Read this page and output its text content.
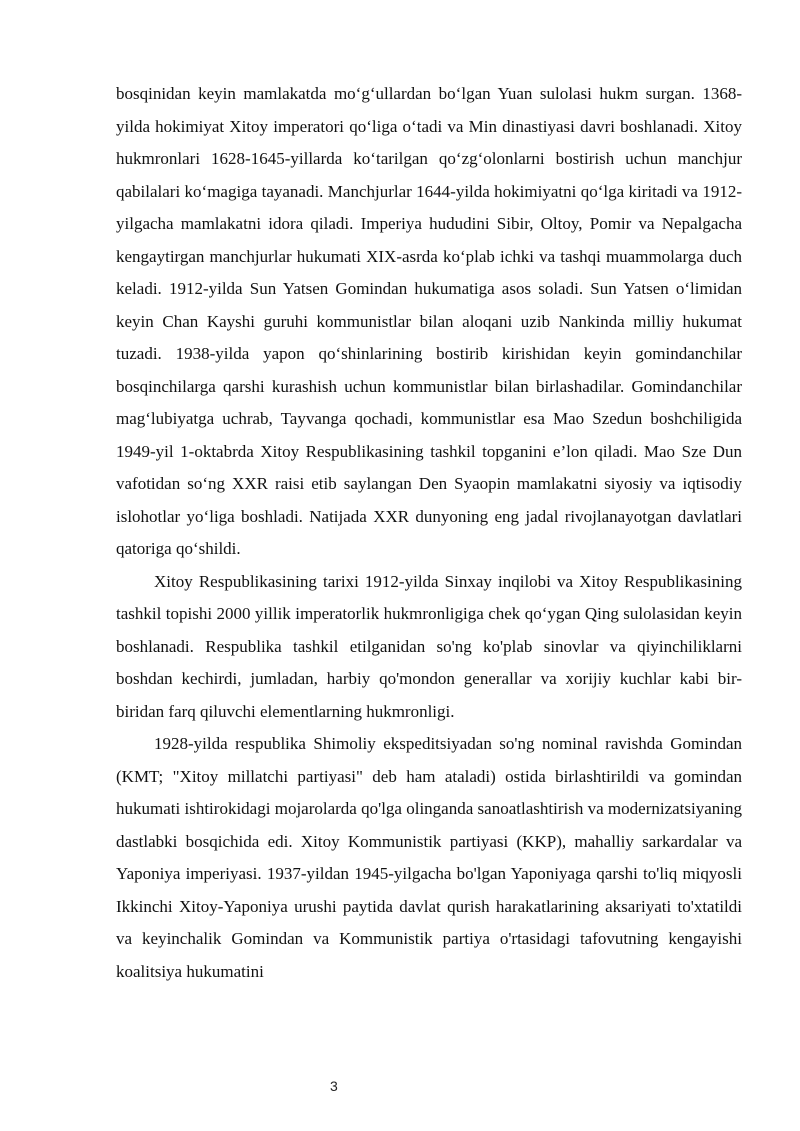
bosqinidan keyin mamlakatda mo‘g‘ullardan bo‘lgan Yuan sulolasi hukm surgan. 1368-yilda hokimiyat Xitoy imperatori qo‘liga o‘tadi va Min dinastiyasi davri boshlanadi. Xitoy hukmronlari 1628-1645-yillarda ko‘tarilgan qo‘zg‘olonlarni bostirish uchun manchjur qabilalari ko‘magiga tayanadi. Manchjurlar 1644-yilda hokimiyatni qo‘lga kiritadi va 1912-yilgacha mamlakatni idora qiladi. Imperiya hududini Sibir, Oltoy, Pomir va Nepalgacha kengaytirgan manchjurlar hukumati XIX-asrda ko‘plab ichki va tashqi muammolarga duch keladi. 1912-yilda Sun Yatsen Gomindan hukumatiga asos soladi. Sun Yatsen o‘limidan keyin Chan Kayshi guruhi kommunistlar bilan aloqani uzib Nankinda milliy hukumat tuzadi. 1938-yilda yapon qo‘shinlarining bostirib kirishidan keyin gomindanchilar bosqinchilarga qarshi kurashish uchun kommunistlar bilan birlashadilar. Gomindanchilar mag‘lubiyatga uchrab, Tayvanga qochadi, kommunistlar esa Mao Szedun boshchiligida 1949-yil 1-oktabrda Xitoy Respublikasining tashkil topganini e’lon qiladi. Mao Sze Dun vafotidan so‘ng XXR raisi etib saylangan Den Syaopin mamlakatni siyosiy va iqtisodiy islohotlar yo‘liga boshladi. Natijada XXR dunyoning eng jadal rivojlanayotgan davlatlari qatoriga qo‘shildi.

Xitoy Respublikasining tarixi 1912-yilda Sinxay inqilobi va Xitoy Respublikasining tashkil topishi 2000 yillik imperatorlik hukmronligiga chek qo‘ygan Qing sulolasidan keyin boshlanadi. Respublika tashkil etilganidan so'ng ko'plab sinovlar va qiyinchiliklarni boshdan kechirdi, jumladan, harbiy qo'mondon generallar va xorijiy kuchlar kabi bir-biridan farq qiluvchi elementlarning hukmronligi.

1928-yilda respublika Shimoliy ekspeditsiyadan so'ng nominal ravishda Gomindan (KMT; "Xitoy millatchi partiyasi" deb ham ataladi) ostida birlashtirildi va gomindan hukumati ishtirokidagi mojarolarda qo'lga olinganda sanoatlashtirish va modernizatsiyaning dastlabki bosqichida edi. Xitoy Kommunistik partiyasi (KKP), mahalliy sarkardalar va Yaponiya imperiyasi. 1937-yildan 1945-yilgacha bo'lgan Yaponiyaga qarshi to'liq miqyosli Ikkinchi Xitoy-Yaponiya urushi paytida davlat qurish harakatlarining aksariyati to'xtatildi va keyinchalik Gomindan va Kommunistik partiya o'rtasidagi tafovutning kengayishi koalitsiya hukumatini

3
